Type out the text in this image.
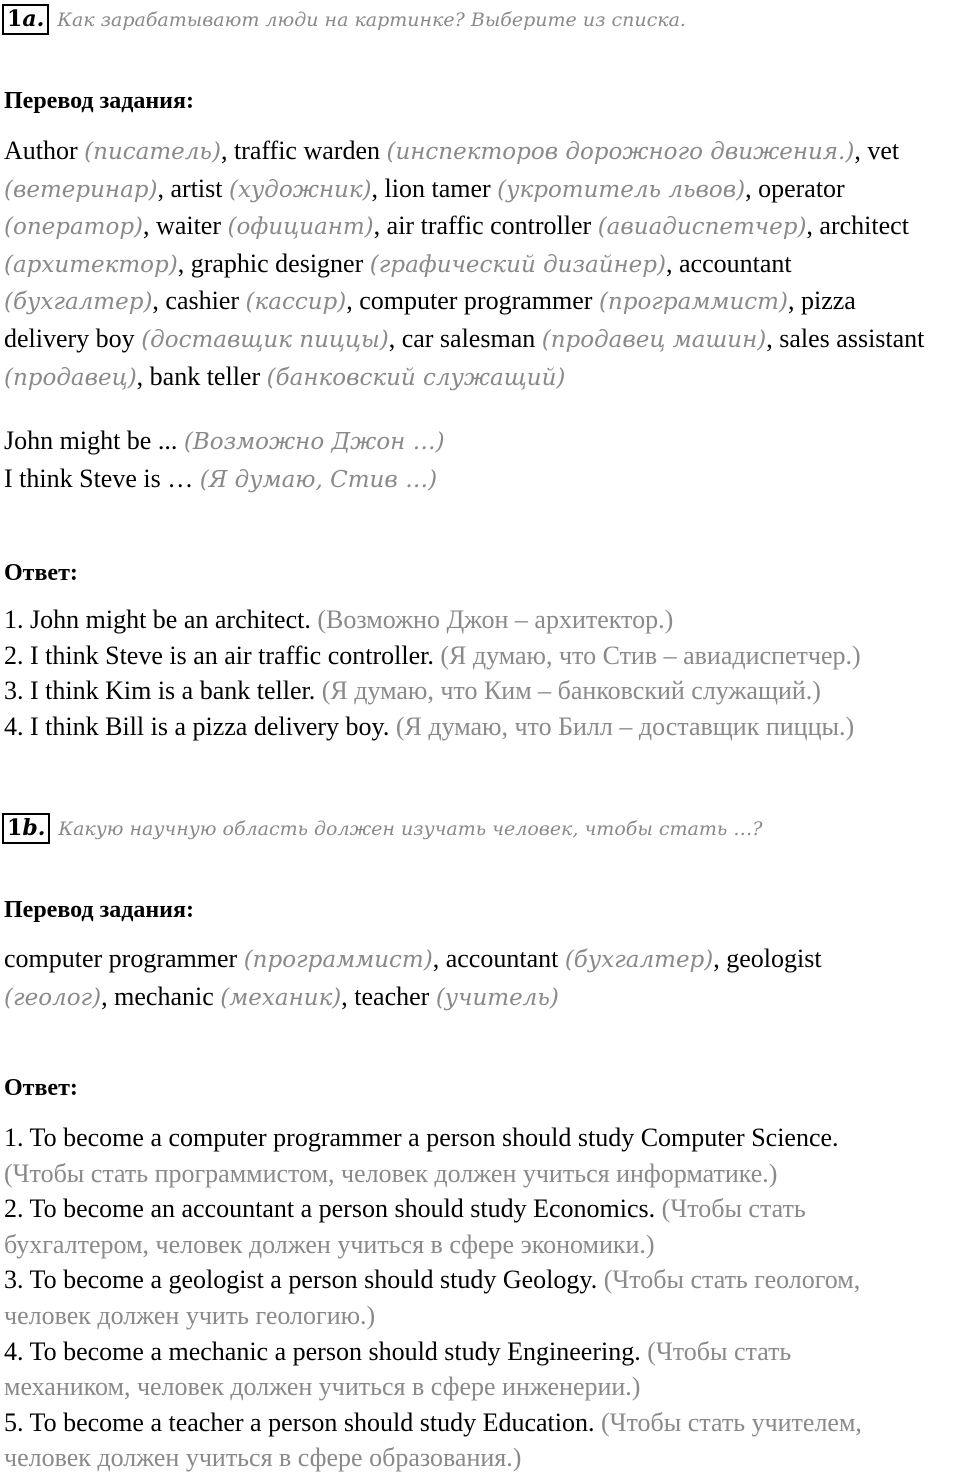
1a. Как зарабатывают люди на картинке? Выберите из списка.
Перевод задания:
Author (писатель), traffic warden (инспекторов дорожного движения.), vet
(ветеринар), artist (художник), lion tamer (укротитель львов), operator
(оператор), waiter (официант), air traffic controller (авиадиспетчер), architect
(архитектор), graphic designer (графический дизайнер), accountant
(бухгалтер), cashier (кассир), computer programmer (программист), pizza
delivery boy (доставщик пиццы), car salesman (продавец машин), sales assistant
(продавец), bank teller (банковский служащий)
John might be ... (Возможно Джон …)
I think Steve is … (Я думаю, Стив …)
Ответ:
1. John might be an architect. (Возможно Джон – архитектор.)
2. I think Steve is an air traffic controller. (Я думаю, что Стив – авиадиспетчер.)
3. I think Kim is a bank teller. (Я думаю, что Ким – банковский служащий.)
4. I think Bill is a pizza delivery boy. (Я думаю, что Билл – доставщик пиццы.)
1b. Какую научную область должен изучать человек, чтобы стать …?
Перевод задания:
computer programmer (программист), accountant (бухгалтер), geologist
(геолог), mechanic (механик), teacher (учитель)
Ответ:
1. To become a computer programmer a person should study Computer Science.
(Чтобы стать программистом, человек должен учиться информатике.)
2. To become an accountant a person should study Economics. (Чтобы стать
бухгалтером, человек должен учиться в сфере экономики.)
3. To become a geologist a person should study Geology. (Чтобы стать геологом,
человек должен учить геологию.)
4. To become a mechanic a person should study Engineering. (Чтобы стать
механиком, человек должен учиться в сфере инженерии.)
5. To become a teacher a person should study Education. (Чтобы стать учителем,
человек должен учиться в сфере образования.)
